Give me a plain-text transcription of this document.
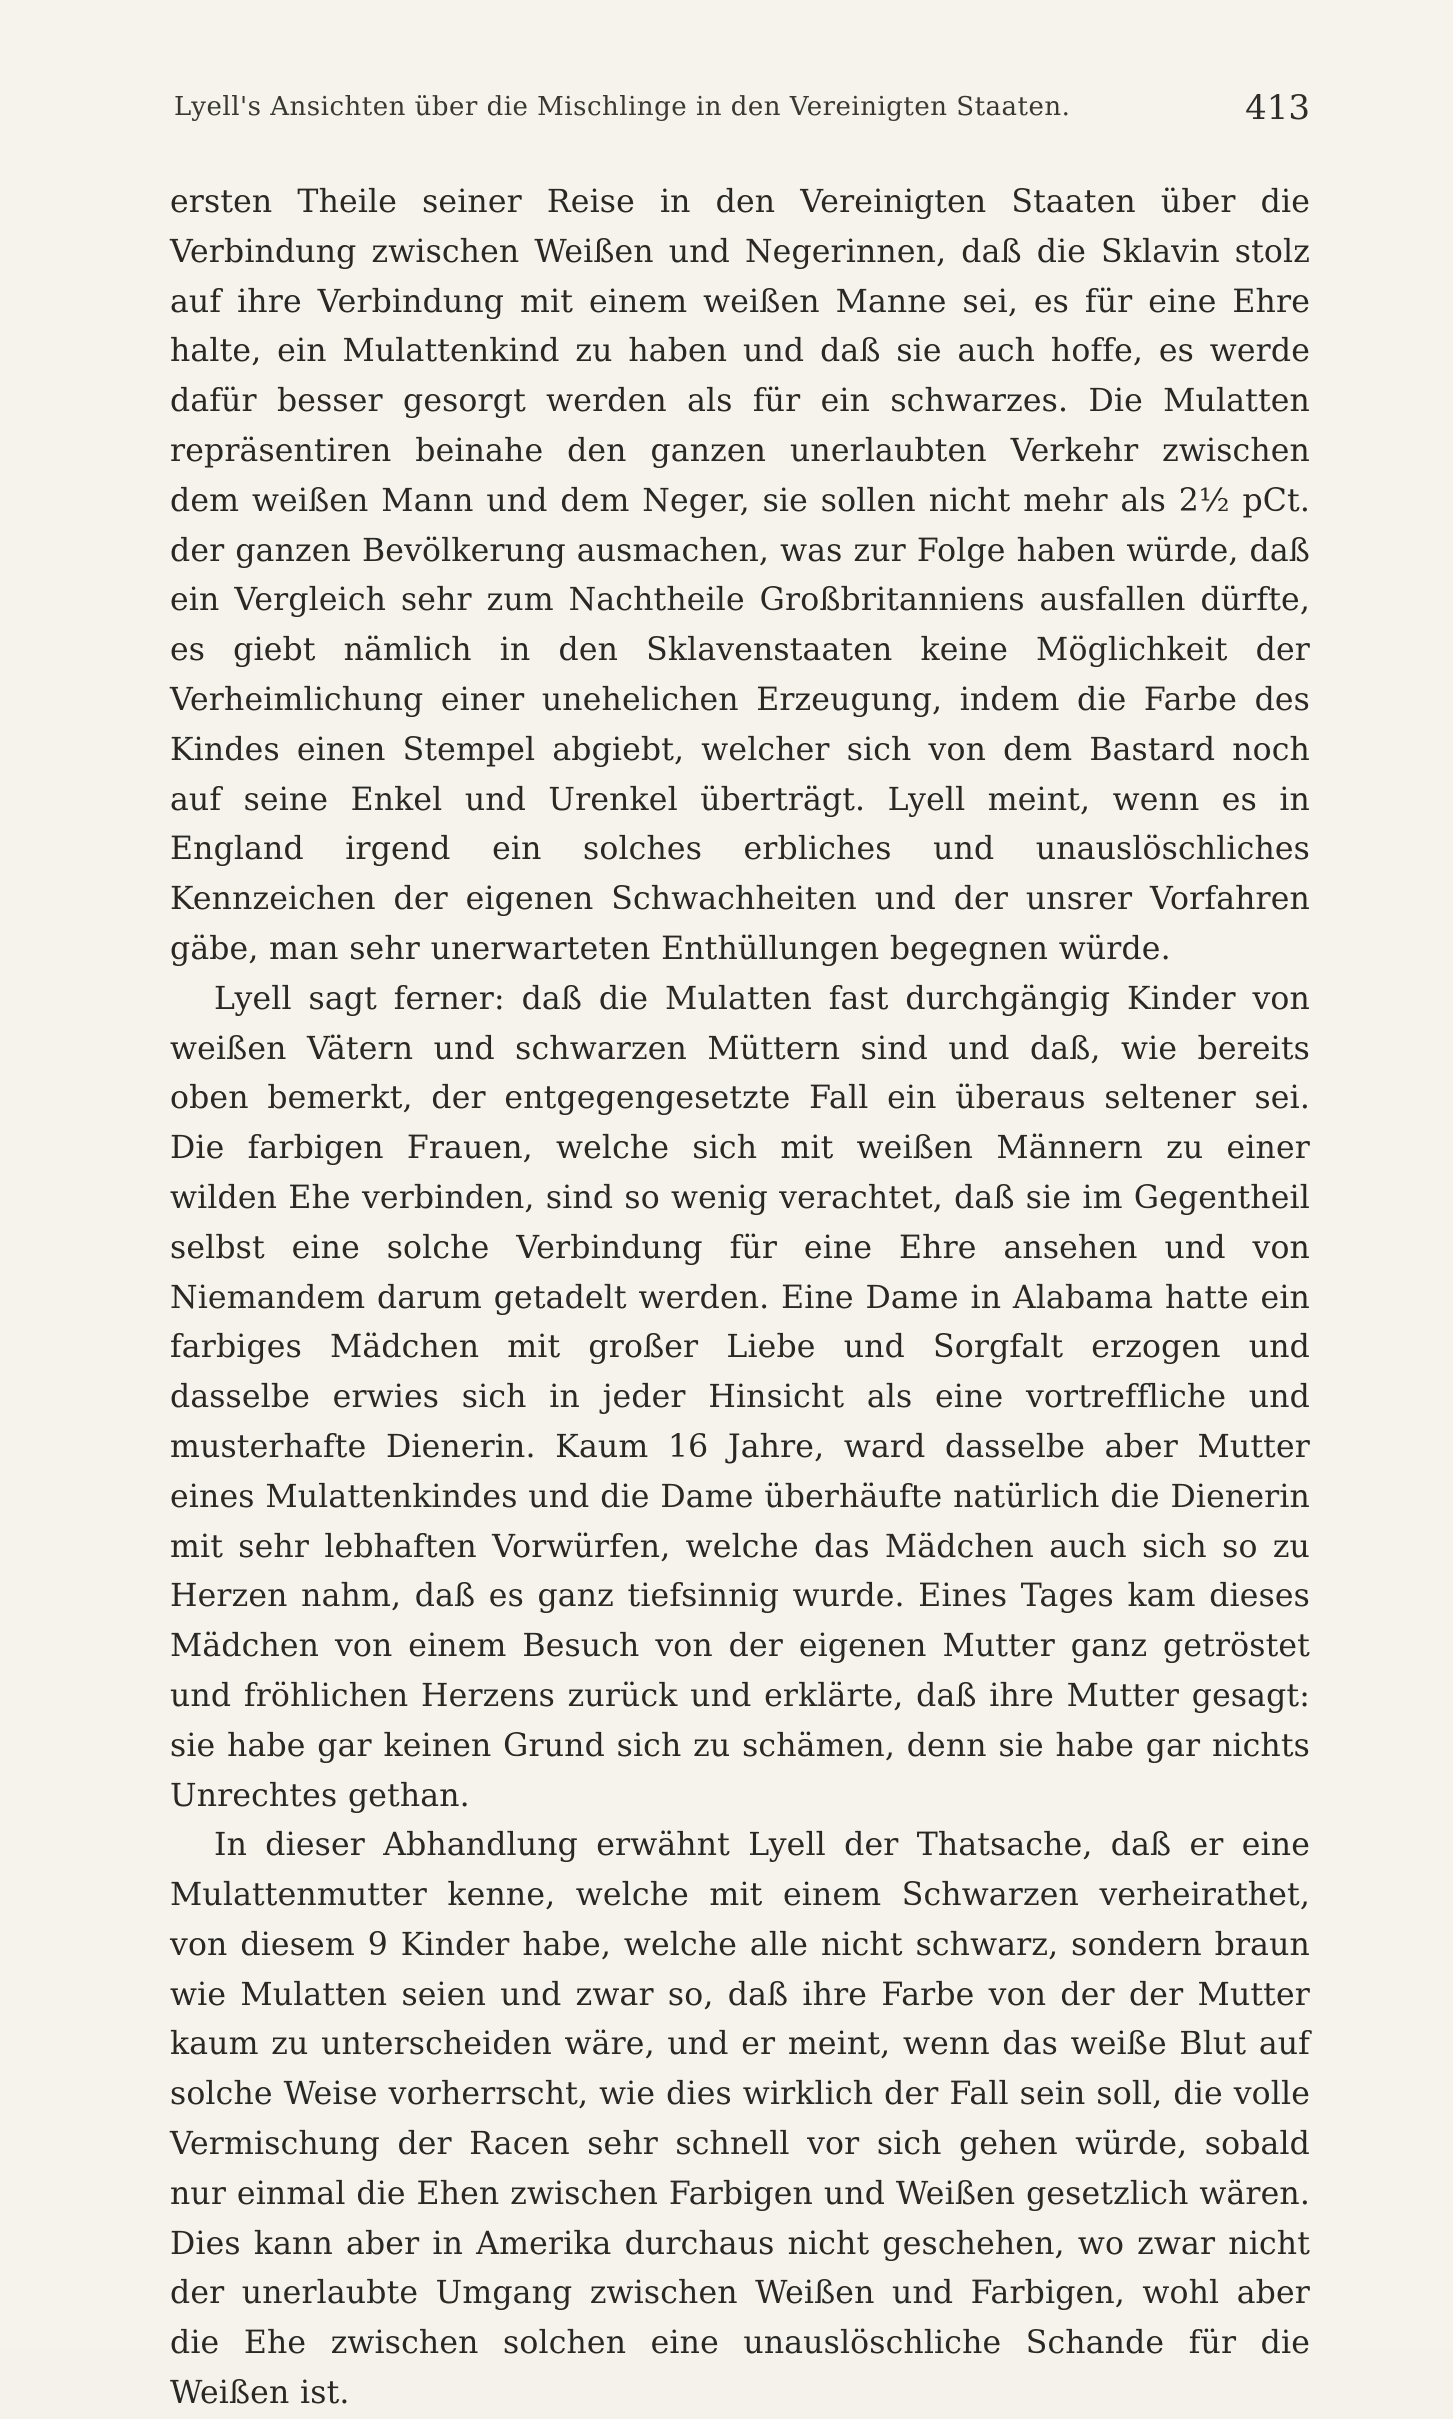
Lyell's Ansichten über die Mischlinge in den Vereinigten Staaten.	413

ersten Theile seiner Reise in den Vereinigten Staaten über die Verbindung zwischen Weißen und Negerinnen, daß die Sklavin stolz auf ihre Verbindung mit einem weißen Manne sei, es für eine Ehre halte, ein Mulattenkind zu haben und daß sie auch hoffe, es werde dafür besser gesorgt werden als für ein schwarzes. Die Mulatten repräsentiren beinahe den ganzen unerlaubten Verkehr zwischen dem weißen Mann und dem Neger, sie sollen nicht mehr als 2½ pCt. der ganzen Bevölkerung ausmachen, was zur Folge haben würde, daß ein Vergleich sehr zum Nachtheile Großbritanniens ausfallen dürfte, es giebt nämlich in den Sklavenstaaten keine Möglichkeit der Verheimlichung einer unehelichen Erzeugung, indem die Farbe des Kindes einen Stempel abgiebt, welcher sich von dem Bastard noch auf seine Enkel und Urenkel überträgt. Lyell meint, wenn es in England irgend ein solches erbliches und unauslöschliches Kennzeichen der eigenen Schwachheiten und der unsrer Vorfahren gäbe, man sehr unerwarteten Enthüllungen begegnen würde.

Lyell sagt ferner: daß die Mulatten fast durchgängig Kinder von weißen Vätern und schwarzen Müttern sind und daß, wie bereits oben bemerkt, der entgegengesetzte Fall ein überaus seltener sei. Die farbigen Frauen, welche sich mit weißen Männern zu einer wilden Ehe verbinden, sind so wenig verachtet, daß sie im Gegentheil selbst eine solche Verbindung für eine Ehre ansehen und von Niemandem darum getadelt werden. Eine Dame in Alabama hatte ein farbiges Mädchen mit großer Liebe und Sorgfalt erzogen und dasselbe erwies sich in jeder Hinsicht als eine vortreffliche und musterhafte Dienerin. Kaum 16 Jahre, ward dasselbe aber Mutter eines Mulattenkindes und die Dame überhäufte natürlich die Dienerin mit sehr lebhaften Vorwürfen, welche das Mädchen auch sich so zu Herzen nahm, daß es ganz tiefsinnig wurde. Eines Tages kam dieses Mädchen von einem Besuch von der eigenen Mutter ganz getröstet und fröhlichen Herzens zurück und erklärte, daß ihre Mutter gesagt: sie habe gar keinen Grund sich zu schämen, denn sie habe gar nichts Unrechtes gethan.

In dieser Abhandlung erwähnt Lyell der Thatsache, daß er eine Mulattenmutter kenne, welche mit einem Schwarzen verheirathet, von diesem 9 Kinder habe, welche alle nicht schwarz, sondern braun wie Mulatten seien und zwar so, daß ihre Farbe von der der Mutter kaum zu unterscheiden wäre, und er meint, wenn das weiße Blut auf solche Weise vorherrscht, wie dies wirklich der Fall sein soll, die volle Vermischung der Racen sehr schnell vor sich gehen würde, sobald nur einmal die Ehen zwischen Farbigen und Weißen gesetzlich wären. Dies kann aber in Amerika durchaus nicht geschehen, wo zwar nicht der unerlaubte Umgang zwischen Weißen und Farbigen, wohl aber die Ehe zwischen solchen eine unauslöschliche Schande für die Weißen ist.
